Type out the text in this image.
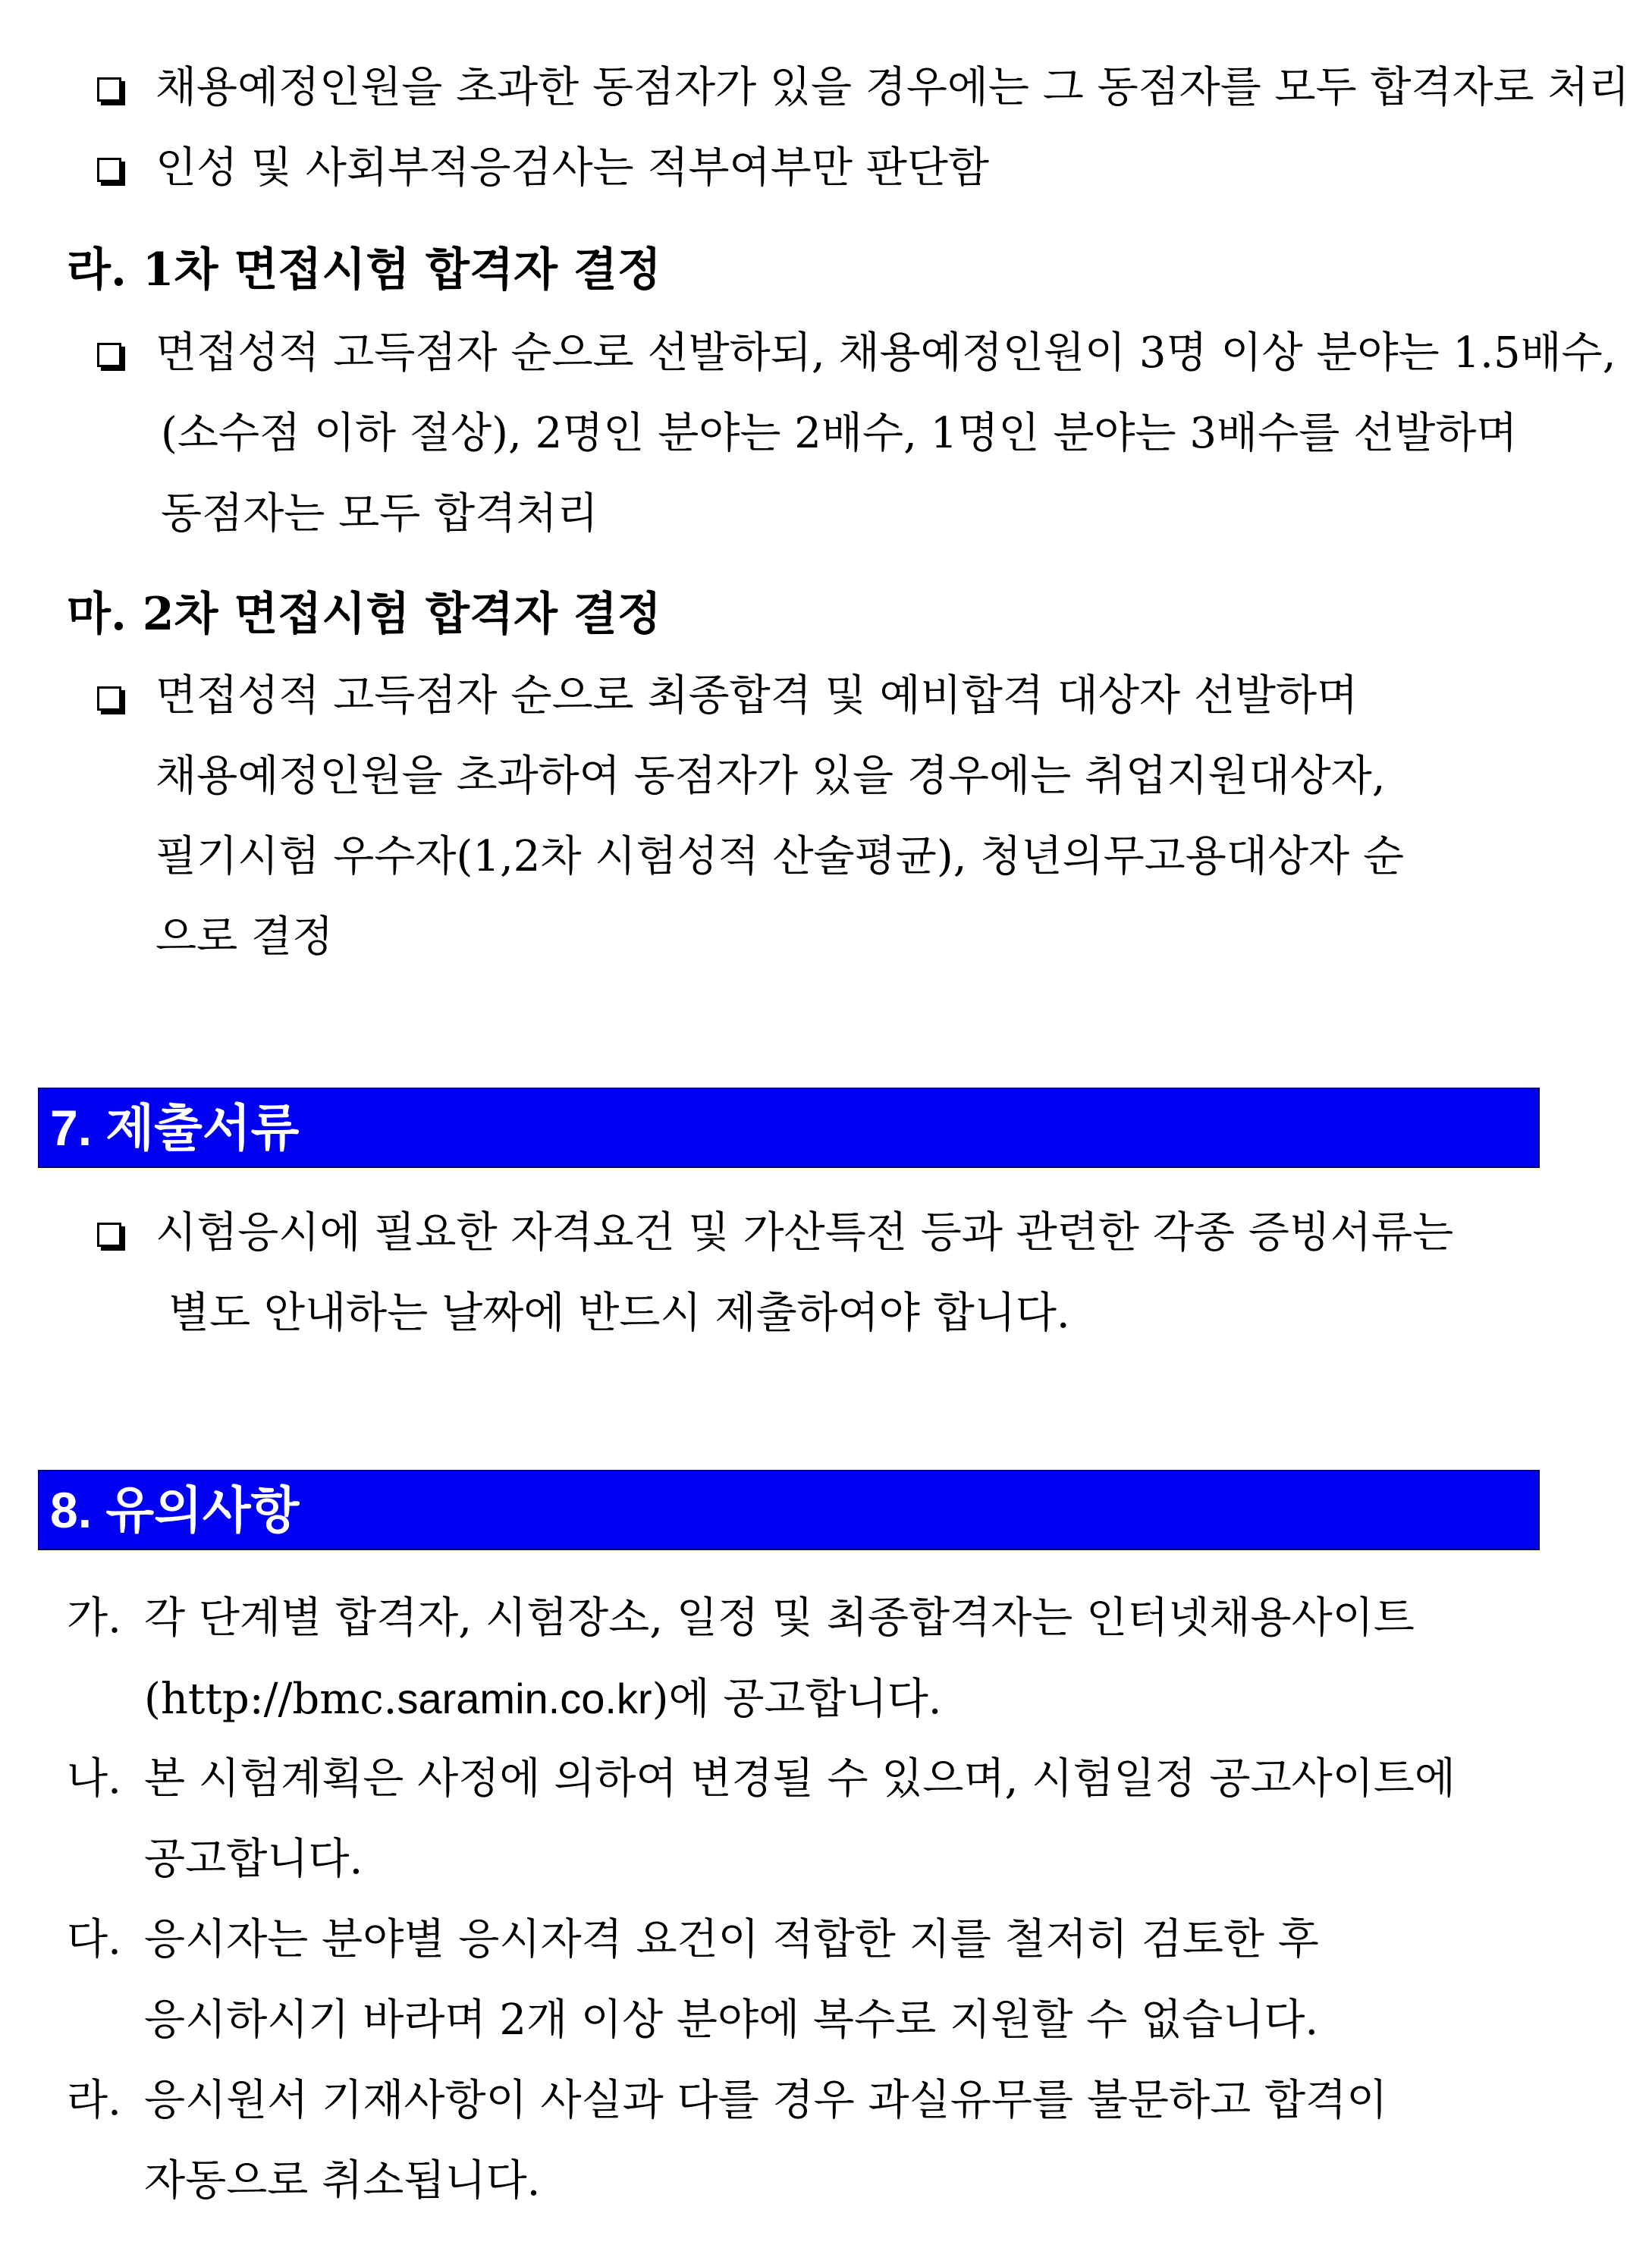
채용예정인원을 초과한 동점자가 있을 경우에는 그 동점자를 모두 합격자로 처리
인성 및 사회부적응검사는 적부여부만 판단함
라. 1차 면접시험 합격자 결정
면접성적 고득점자 순으로 선발하되, 채용예정인원이 3명 이상 분야는 1.5배수,
(소수점 이하 절상), 2명인 분야는 2배수, 1명인 분야는 3배수를 선발하며
동점자는 모두 합격처리
마. 2차 면접시험 합격자 결정
면접성적 고득점자 순으로 최종합격 및 예비합격 대상자 선발하며
채용예정인원을 초과하여 동점자가 있을 경우에는 취업지원대상자,
필기시험 우수자(1,2차 시험성적 산술평균), 청년의무고용대상자 순
으로 결정
7. 제출서류
시험응시에 필요한 자격요건 및 가산특전 등과 관련한 각종 증빙서류는
별도 안내하는 날짜에 반드시 제출하여야 합니다.
8. 유의사항
가. 각 단계별 합격자, 시험장소, 일정 및 최종합격자는 인터넷채용사이트
(http://bmc.saramin.co.kr)에 공고합니다.
나. 본 시험계획은 사정에 의하여 변경될 수 있으며, 시험일정 공고사이트에
공고합니다.
다. 응시자는 분야별 응시자격 요건이 적합한 지를 철저히 검토한 후
응시하시기 바라며 2개 이상 분야에 복수로 지원할 수 없습니다.
라. 응시원서 기재사항이 사실과 다를 경우 과실유무를 불문하고 합격이
자동으로 취소됩니다.
